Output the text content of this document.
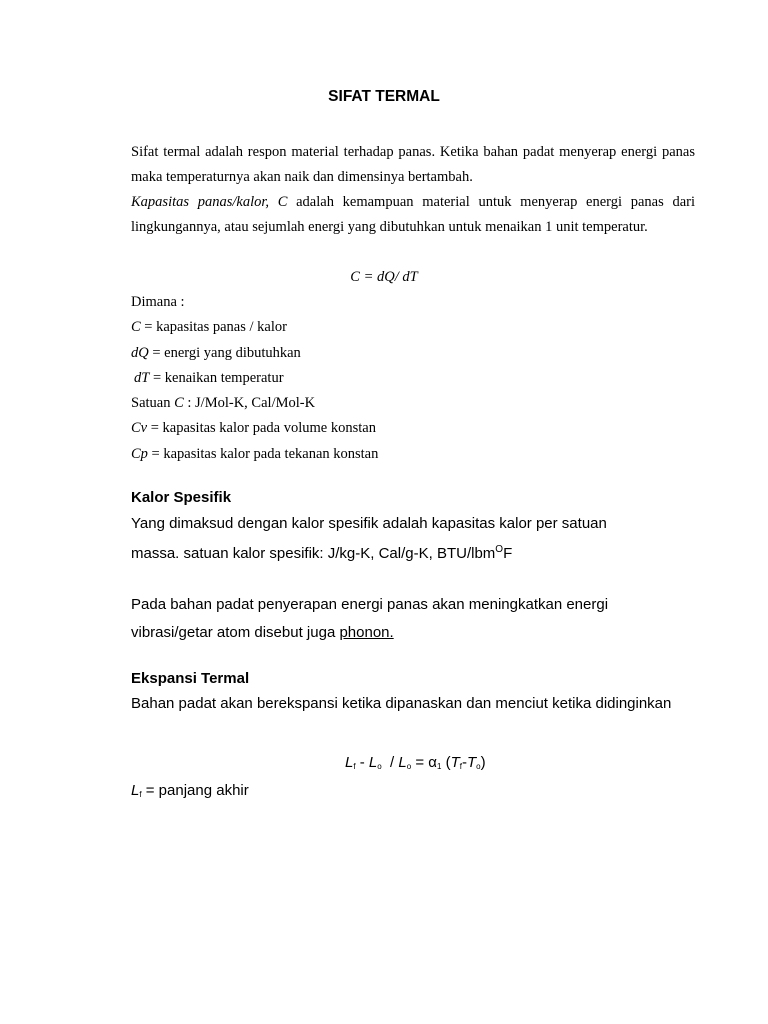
SIFAT TERMAL
Sifat termal adalah respon material terhadap panas. Ketika bahan padat menyerap energi panas maka temperaturnya akan naik dan dimensinya bertambah.
Kapasitas panas/kalor, C adalah kemampuan material untuk menyerap energi panas dari lingkungannya, atau sejumlah energi yang dibutuhkan untuk menaikan 1 unit temperatur.
C = dQ/ dT
Dimana :
C = kapasitas panas / kalor
dQ = energi yang dibutuhkan
dT = kenaikan temperatur
Satuan C : J/Mol-K, Cal/Mol-K
Cv = kapasitas kalor pada volume konstan
Cp = kapasitas kalor pada tekanan konstan
Kalor Spesifik
Yang dimaksud dengan kalor spesifik adalah kapasitas kalor per satuan
massa. satuan kalor spesifik: J/kg-K, Cal/g-K, BTU/lbm$^O$F
Pada bahan padat penyerapan energi panas akan meningkatkan energi
vibrasi/getar atom disebut juga phonon.
Ekspansi Termal
Bahan padat akan berekspansi ketika dipanaskan dan menciut ketika didinginkan
$L_f - L_o / L_o = \alpha_1$ $(T_f-T_o)$
$L_f$ = panjang akhir
